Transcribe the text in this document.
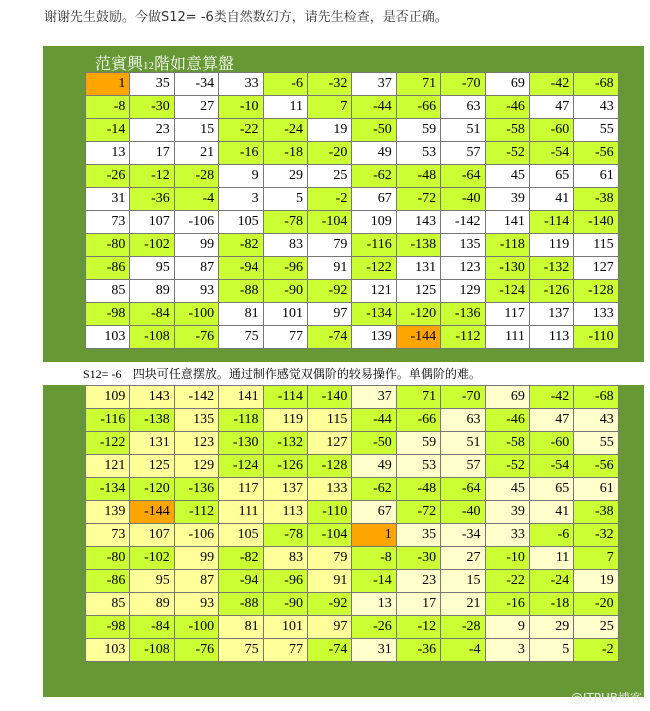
谢谢先生鼓励。今做S12= -6类自然数幻方，请先生检查，是否正确。
范賓興12階如意算盤
1	35	-34	33	-6	-32	37	71	-70	69	-42	-68
-8	-30	27	-10	11	7	-44	-66	63	-46	47	43
-14	23	15	-22	-24	19	-50	59	51	-58	-60	55
13	17	21	-16	-18	-20	49	53	57	-52	-54	-56
-26	-12	-28	9	29	25	-62	-48	-64	45	65	61
31	-36	-4	3	5	-2	67	-72	-40	39	41	-38
73	107	-106	105	-78	-104	109	143	-142	141	-114	-140
-80	-102	99	-82	83	79	-116	-138	135	-118	119	115
-86	95	87	-94	-96	91	-122	131	123	-130	-132	127
85	89	93	-88	-90	-92	121	125	129	-124	-126	-128
-98	-84	-100	81	101	97	-134	-120	-136	117	137	133
103	-108	-76	75	77	-74	139	-144	-112	111	113	-110
S12= -6 四块可任意摆放。通过制作感觉双偶阶的较易操作。单偶阶的难。
109	143	-142	141	-114	-140	37	71	-70	69	-42	-68
-116	-138	135	-118	119	115	-44	-66	63	-46	47	43
-122	131	123	-130	-132	127	-50	59	51	-58	-60	55
121	125	129	-124	-126	-128	49	53	57	-52	-54	-56
-134	-120	-136	117	137	133	-62	-48	-64	45	65	61
139	-144	-112	111	113	-110	67	-72	-40	39	41	-38
73	107	-106	105	-78	-104	1	35	-34	33	-6	-32
-80	-102	99	-82	83	79	-8	-30	27	-10	11	7
-86	95	87	-94	-96	91	-14	23	15	-22	-24	19
85	89	93	-88	-90	-92	13	17	21	-16	-18	-20
-98	-84	-100	81	101	97	-26	-12	-28	9	29	25
103	-108	-76	75	77	-74	31	-36	-4	3	5	-2
@ITPUB博客
